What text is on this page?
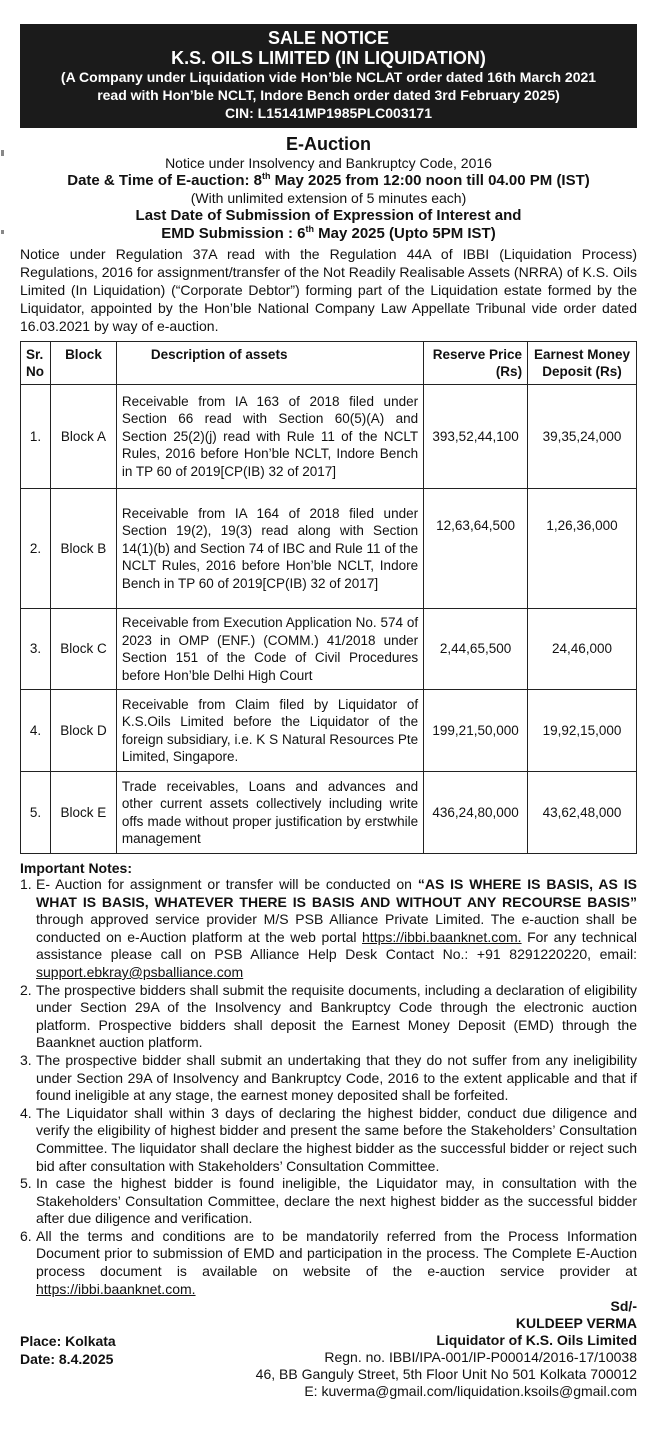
SALE NOTICE
K.S. OILS LIMITED (IN LIQUIDATION)
(A Company under Liquidation vide Hon’ble NCLAT order dated 16th March 2021
read with Hon’ble NCLT, Indore Bench order dated 3rd February 2025)
CIN: L15141MP1985PLC003171
E-Auction
Notice under Insolvency and Bankruptcy Code, 2016
Date & Time of E-auction: 8th May 2025 from 12:00 noon till 04.00 PM (IST)
(With unlimited extension of 5 minutes each)
Last Date of Submission of Expression of Interest and
EMD Submission : 6th May 2025 (Upto 5PM IST)
Notice under Regulation 37A read with the Regulation 44A of IBBI (Liquidation Process) Regulations, 2016 for assignment/transfer of the Not Readily Realisable Assets (NRRA) of K.S. Oils Limited (In Liquidation) (“Corporate Debtor”) forming part of the Liquidation estate formed by the Liquidator, appointed by the Hon’ble National Company Law Appellate Tribunal vide order dated 16.03.2021 by way of e-auction.
Sr. No	Block	Description of assets	Reserve Price (Rs)	Earnest Money Deposit (Rs)
1.	Block A	Receivable from IA 163 of 2018 filed under Section 66 read with Section 60(5)(A) and Section 25(2)(j) read with Rule 11 of the NCLT Rules, 2016 before Hon’ble NCLT, Indore Bench in TP 60 of 2019[CP(IB) 32 of 2017]	393,52,44,100	39,35,24,000
2.	Block B	Receivable from IA 164 of 2018 filed under Section 19(2), 19(3) read along with Section 14(1)(b) and Section 74 of IBC and Rule 11 of the NCLT Rules, 2016 before Hon’ble NCLT, Indore Bench in TP 60 of 2019[CP(IB) 32 of 2017]	12,63,64,500	1,26,36,000
3.	Block C	Receivable from Execution Application No. 574 of 2023 in OMP (ENF.) (COMM.) 41/2018 under Section 151 of the Code of Civil Procedures before Hon’ble Delhi High Court	2,44,65,500	24,46,000
4.	Block D	Receivable from Claim filed by Liquidator of K.S.Oils Limited before the Liquidator of the foreign subsidiary, i.e. K S Natural Resources Pte Limited, Singapore.	199,21,50,000	19,92,15,000
5.	Block E	Trade receivables, Loans and advances and other current assets collectively including write offs made without proper justification by erstwhile management	436,24,80,000	43,62,48,000
Important Notes:
1. E- Auction for assignment or transfer will be conducted on “AS IS WHERE IS BASIS, AS IS WHAT IS BASIS, WHATEVER THERE IS BASIS AND WITHOUT ANY RECOURSE BASIS” through approved service provider M/S PSB Alliance Private Limited. The e-auction shall be conducted on e-Auction platform at the web portal https://ibbi.baanknet.com. For any technical assistance please call on PSB Alliance Help Desk Contact No.: +91 8291220220, email: support.ebkray@psballiance.com
2. The prospective bidders shall submit the requisite documents, including a declaration of eligibility under Section 29A of the Insolvency and Bankruptcy Code through the electronic auction platform. Prospective bidders shall deposit the Earnest Money Deposit (EMD) through the Baanknet auction platform.
3. The prospective bidder shall submit an undertaking that they do not suffer from any ineligibility under Section 29A of Insolvency and Bankruptcy Code, 2016 to the extent applicable and that if found ineligible at any stage, the earnest money deposited shall be forfeited.
4. The Liquidator shall within 3 days of declaring the highest bidder, conduct due diligence and verify the eligibility of highest bidder and present the same before the Stakeholders’ Consultation Committee. The liquidator shall declare the highest bidder as the successful bidder or reject such bid after consultation with Stakeholders’ Consultation Committee.
5. In case the highest bidder is found ineligible, the Liquidator may, in consultation with the Stakeholders’ Consultation Committee, declare the next highest bidder as the successful bidder after due diligence and verification.
6. All the terms and conditions are to be mandatorily referred from the Process Information Document prior to submission of EMD and participation in the process. The Complete E-Auction process document is available on website of the e-auction service provider at https://ibbi.baanknet.com.
Place: Kolkata
Date: 8.4.2025
Sd/-
KULDEEP VERMA
Liquidator of K.S. Oils Limited
Regn. no. IBBI/IPA-001/IP-P00014/2016-17/10038
46, BB Ganguly Street, 5th Floor Unit No 501 Kolkata 700012
E: kuverma@gmail.com/liquidation.ksoils@gmail.com
